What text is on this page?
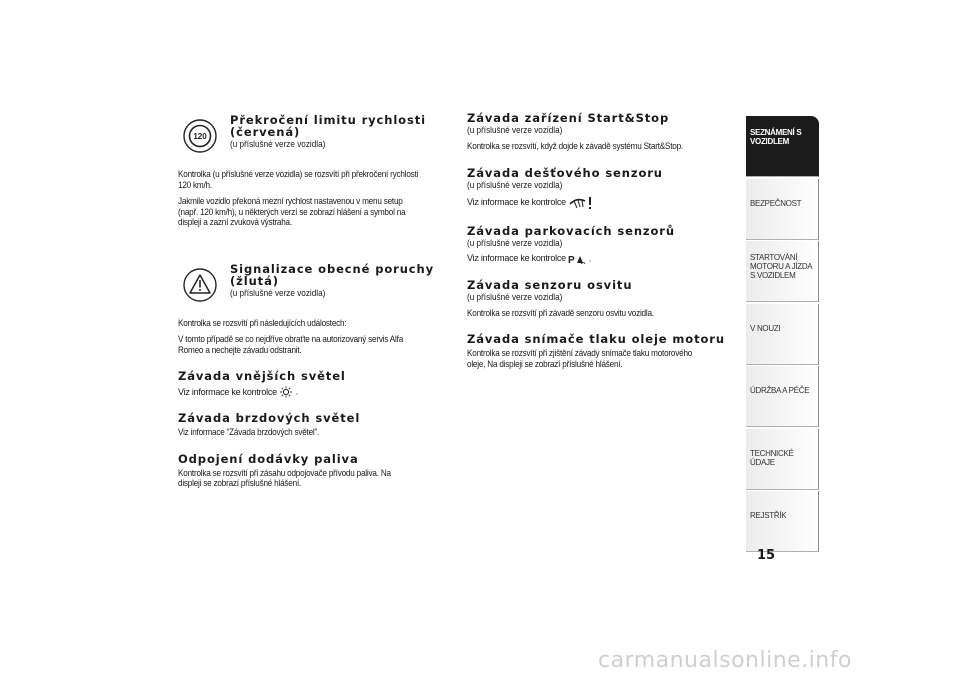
120
Překročení limitu rychlosti (červená)

(u příslušné verze vozidla)

Kontrolka (u příslušné verze vozidla) se rozsvítí při překročení rychlosti
120 km/h.

Jakmile vozidlo překoná mezní rychlost nastavenou v menu setup
(např. 120 km/h), u některých verzí se zobrazí hlášení a symbol na
displeji a zazní zvuková výstraha.

Signalizace obecné poruchy (žlutá)

(u příslušné verze vozidla)

Kontrolka se rozsvítí při následujících událostech:

V tomto případě se co nejdříve obraťte na autorizovaný servis Alfa
Romeo a nechejte závadu odstranit.

Závada vnějších světel

Viz informace ke kontrolce .

Závada brzdových světel

Viz informace “Závada brzdových světel”.

Odpojení dodávky paliva

Kontrolka se rozsvítí při zásahu odpojovače přívodu paliva. Na
displeji se zobrazí příslušné hlášení.

Závada zařízení Start&Stop

(u příslušné verze vozidla)

Kontrolka se rozsvítí, když dojde k závadě systému Start&Stop.

Závada dešťového senzoru

(u příslušné verze vozidla)

Viz informace ke kontrolce

Závada parkovacích senzorů

(u příslušné verze vozidla)

Viz informace ke kontrolce P .

Závada senzoru osvitu

(u příslušné verze vozidla)

Kontrolka se rozsvítí při závadě senzoru osvitu vozidla.

Závada snímače tlaku oleje motoru

Kontrolka se rozsvítí při zjištění závady snímače tlaku motorového
oleje, Na displeji se zobrazí příslušné hlášení.

SEZNÁMENÍ S VOZIDLEM
BEZPEČNOST
STARTOVÁNÍ MOTORU A JÍZDA S VOZIDLEM
V NOUZI
ÚDRŽBA A PÉČE
TECHNICKÉ ÚDAJE
REJSTŘÍK
15
carmanualsonline.info
